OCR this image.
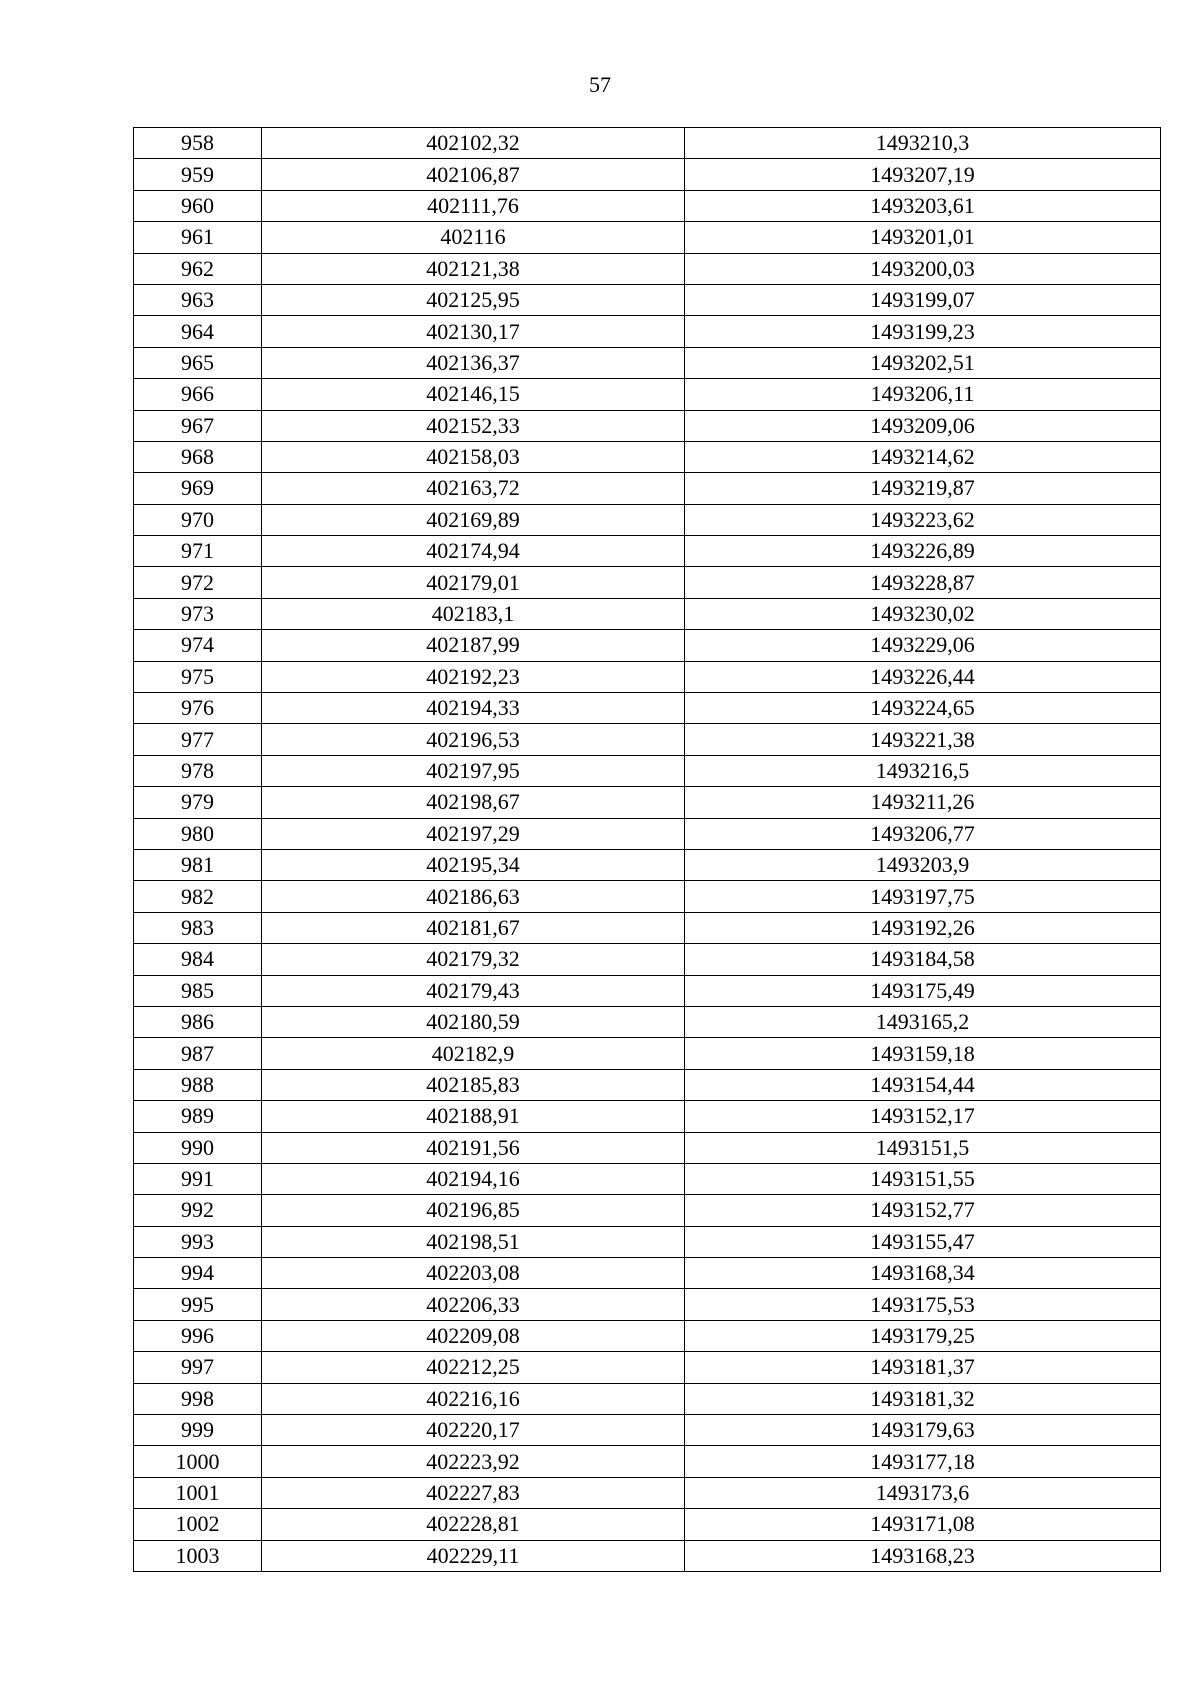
57
958	402102,32	1493210,3
959	402106,87	1493207,19
960	402111,76	1493203,61
961	402116	1493201,01
962	402121,38	1493200,03
963	402125,95	1493199,07
964	402130,17	1493199,23
965	402136,37	1493202,51
966	402146,15	1493206,11
967	402152,33	1493209,06
968	402158,03	1493214,62
969	402163,72	1493219,87
970	402169,89	1493223,62
971	402174,94	1493226,89
972	402179,01	1493228,87
973	402183,1	1493230,02
974	402187,99	1493229,06
975	402192,23	1493226,44
976	402194,33	1493224,65
977	402196,53	1493221,38
978	402197,95	1493216,5
979	402198,67	1493211,26
980	402197,29	1493206,77
981	402195,34	1493203,9
982	402186,63	1493197,75
983	402181,67	1493192,26
984	402179,32	1493184,58
985	402179,43	1493175,49
986	402180,59	1493165,2
987	402182,9	1493159,18
988	402185,83	1493154,44
989	402188,91	1493152,17
990	402191,56	1493151,5
991	402194,16	1493151,55
992	402196,85	1493152,77
993	402198,51	1493155,47
994	402203,08	1493168,34
995	402206,33	1493175,53
996	402209,08	1493179,25
997	402212,25	1493181,37
998	402216,16	1493181,32
999	402220,17	1493179,63
1000	402223,92	1493177,18
1001	402227,83	1493173,6
1002	402228,81	1493171,08
1003	402229,11	1493168,23
